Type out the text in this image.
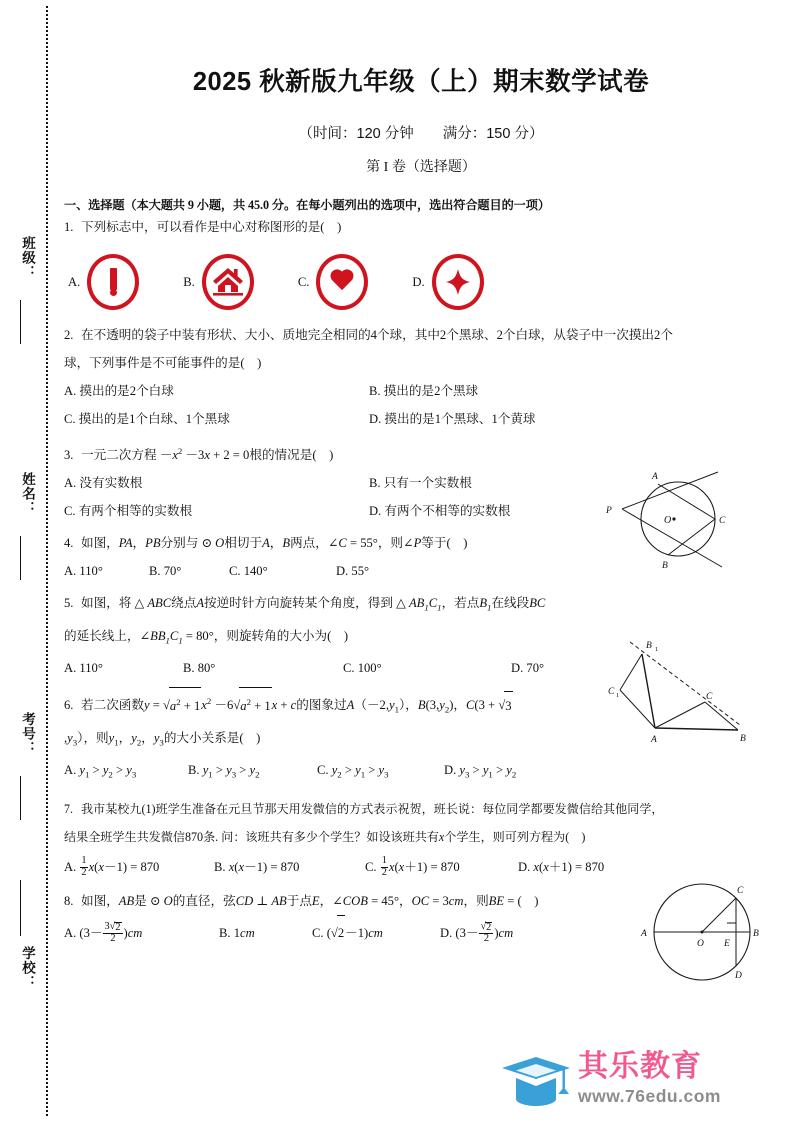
班级：
姓名：
考号：
学校：
2025 秋新版九年级（上）期末数学试卷
（时间：120 分钟　　满分：150 分）
第 I 卷（选择题）
一、选择题（本大题共 9 小题，共 45.0 分。在每小题列出的选项中，选出符合题目的一项）
1. 下列标志中，可以看作是中心对称图形的是(　)
A.	B.	C.	D.
2. 在不透明的袋子中装有形状、大小、质地完全相同的4个球，其中2个黑球、2个白球，从袋子中一次摸出2个
球，下列事件是不可能事件的是(　)
A. 摸出的是2个白球	B. 摸出的是2个黑球
C. 摸出的是1个白球、1个黑球	D. 摸出的是1个黑球、1个黄球
3. 一元二次方程 $-x^2 -3x + 2 = 0$根的情况是(　)
A. 没有实数根	B. 只有一个实数根
C. 有两个相等的实数根	D. 有两个不相等的实数根
4. 如图，PA，PB分别与 ⊙ O相切于A，B两点，∠C = 55°，则∠P等于(　)
A. 110°	B. 70°	C. 140°	D. 55°
5. 如图，将 △ ABC绕点A按逆时针方向旋转某个角度，得到 △ $AB_1C_1$，若点$B_1$在线段BC
的延长线上，$\angle BB_1C_1 = 80^\circ$，则旋转角的大小为(　)
A. 110°	B. 80°	C. 100°	D. 70°
6. 若二次函数$y = √a^2 + 1x^2 -6√a^2 + 1x + c$的图象过$A(-2,y_1)$，$B(3,y_2)$，C(3 + √3
$,y_3$），则$y_1$，$y_2$，$y_3$的大小关系是(　)
A. $y_1 > y_2 > y_3$	B. $y_1 > y_3 > y_2$	C. $y_2 > y_1 > y_3$	D. $y_3 > y_1 > y_2$
7. 我市某校九(1)班学生准备在元旦节那天用发微信的方式表示祝贺，班长说：每位同学都要发微信给其他同学，
结果全班学生共发微信870条. 问：该班共有多少个学生？如设该班共有x个学生，则可列方程为(　)
A. $\frac{1}{2} x(x-1) = 870$	B. x(x－1) = 870	C. $\frac{1}{2} x(x+1) = 870$	D. x(x＋1) = 870
8. 如图，AB是 ⊙ O的直径，弦CD ⊥ AB于点E，∠COB = 45°，OC = 3cm，则BE = (　)
A. $(3- \frac{3√2}{2} )cm$	B. 1cm	C. (√2－1)cm	D. $(3- \frac{√2}{2} )cm$
O
P
A
B
C
B 1
C 1	C
A	B
A	B
C
D
O E
其乐教育
www.76edu.com
